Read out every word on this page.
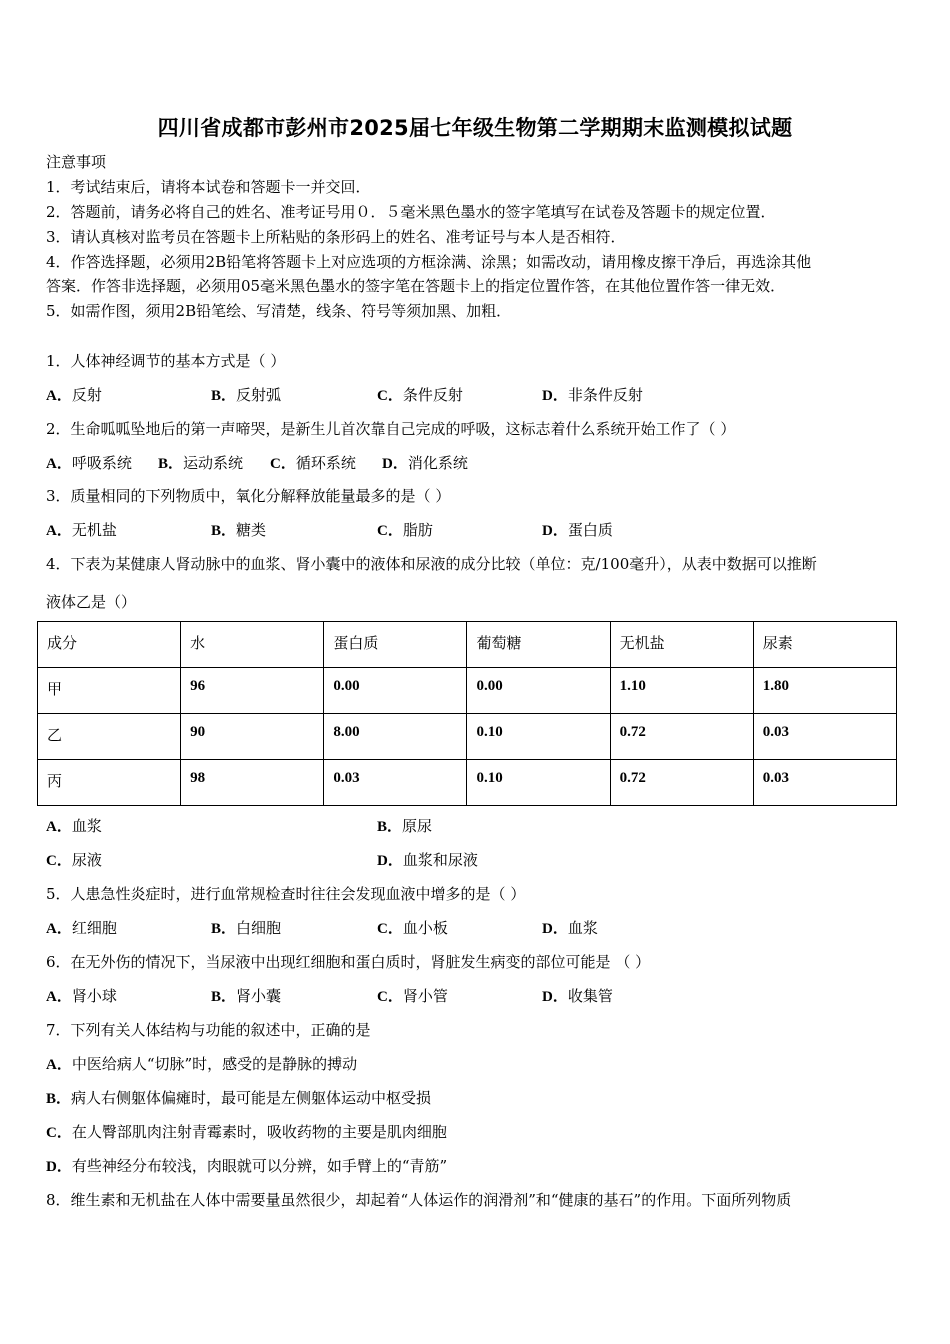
四川省成都市彭州市2025届七年级生物第二学期期末监测模拟试题
注意事项
1．考试结束后，请将本试卷和答题卡一并交回．
2．答题前，请务必将自己的姓名、准考证号用０．５毫米黑色墨水的签字笔填写在试卷及答题卡的规定位置．
3．请认真核对监考员在答题卡上所粘贴的条形码上的姓名、准考证号与本人是否相符．
4．作答选择题，必须用2B铅笔将答题卡上对应选项的方框涂满、涂黑；如需改动，请用橡皮擦干净后，再选涂其他
答案．作答非选择题，必须用05毫米黑色墨水的签字笔在答题卡上的指定位置作答，在其他位置作答一律无效．
5．如需作图，须用2B铅笔绘、写清楚，线条、符号等须加黑、加粗．
1．人体神经调节的基本方式是（ ）
A．反射	B．反射弧	C．条件反射	D．非条件反射
2．生命呱呱坠地后的第一声啼哭，是新生儿首次靠自己完成的呼吸，这标志着什么系统开始工作了（ ）
A．呼吸系统 B．运动系统 C．循环系统 D．消化系统
3．质量相同的下列物质中，氧化分解释放能量最多的是（ ）
A．无机盐	B．糖类	C．脂肪	D．蛋白质
4．下表为某健康人肾动脉中的血浆、肾小囊中的液体和尿液的成分比较（单位：克/100毫升），从表中数据可以推断
液体乙是（）
成分	水	蛋白质	葡萄糖	无机盐	尿素
甲	96	0.00	0.00	1.10	1.80
乙	90	8.00	0.10	0.72	0.03
丙	98	0.03	0.10	0.72	0.03
A．血浆	B．原尿
C．尿液	D．血浆和尿液
5．人患急性炎症时，进行血常规检查时往往会发现血液中增多的是（ ）
A．红细胞	B．白细胞	C．血小板	D．血浆
6．在无外伤的情况下，当尿液中出现红细胞和蛋白质时，肾脏发生病变的部位可能是 （ ）
A．肾小球	B．肾小囊	C．肾小管	D．收集管
7．下列有关人体结构与功能的叙述中，正确的是
A．中医给病人“切脉”时，感受的是静脉的搏动
B．病人右侧躯体偏瘫时，最可能是左侧躯体运动中枢受损
C．在人臀部肌肉注射青霉素时，吸收药物的主要是肌肉细胞
D．有些神经分布较浅，肉眼就可以分辨，如手臂上的“青筋”
8．维生素和无机盐在人体中需要量虽然很少，却起着“人体运作的润滑剂”和“健康的基石”的作用。下面所列物质
